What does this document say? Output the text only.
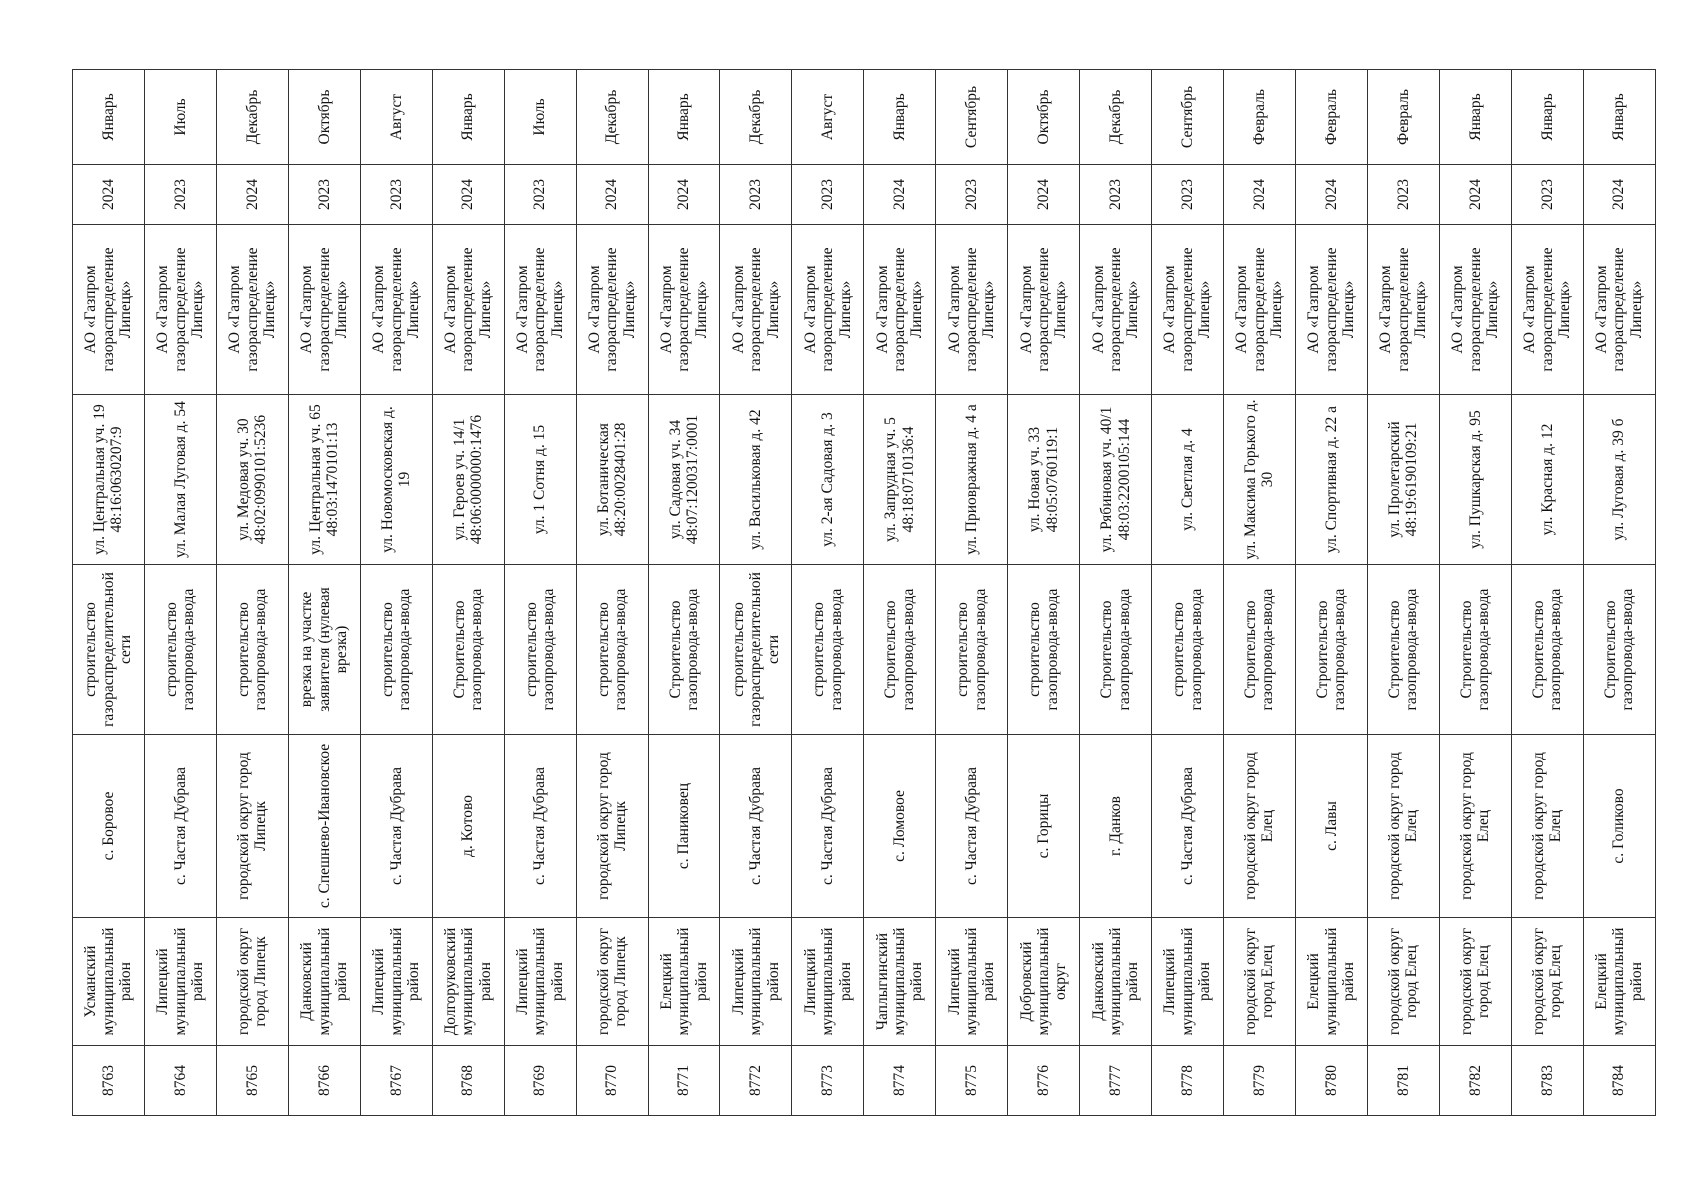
8763	Усманский муниципальный район	с. Боровое	строительство газораспределительной сети	ул. Центральная уч. 19 48:16:0630207:9	АО «Газпром газораспределение Липецк»	2024	Январь
8764	Липецкий муниципальный район	с. Частая Дубрава	строительство газопровода-ввода	ул. Малая Луговая д. 54	АО «Газпром газораспределение Липецк»	2023	Июль
8765	городской округ город Липецк	городской округ город Липецк	строительство газопровода-ввода	ул. Медовая уч. 30 48:02:0990101:5236	АО «Газпром газораспределение Липецк»	2024	Декабрь
8766	Данковский муниципальный район	с. Спешнево-Ивановское	врезка на участке заявителя (нулевая врезка)	ул. Центральная уч. 65 48:03:1470101:13	АО «Газпром газораспределение Липецк»	2023	Октябрь
8767	Липецкий муниципальный район	с. Частая Дубрава	строительство газопровода-ввода	ул. Новомосковская д. 19	АО «Газпром газораспределение Липецк»	2023	Август
8768	Долгоруковский муниципальный район	д. Котово	Строительство газопровода-ввода	ул. Героев уч. 14/1 48:06:0000000:1476	АО «Газпром газораспределение Липецк»	2024	Январь
8769	Липецкий муниципальный район	с. Частая Дубрава	строительство газопровода-ввода	ул. 1 Сотня д. 15	АО «Газпром газораспределение Липецк»	2023	Июль
8770	городской округ город Липецк	городской округ город Липецк	строительство газопровода-ввода	ул. Ботаническая 48:20:0028401:28	АО «Газпром газораспределение Липецк»	2024	Декабрь
8771	Елецкий муниципальный район	с. Паниковец	Строительство газопровода-ввода	ул. Садовая уч. 34 48:07:1200317:0001	АО «Газпром газораспределение Липецк»	2024	Январь
8772	Липецкий муниципальный район	с. Частая Дубрава	строительство газораспределительной сети	ул. Васильковая д. 42	АО «Газпром газораспределение Липецк»	2023	Декабрь
8773	Липецкий муниципальный район	с. Частая Дубрава	строительство газопровода-ввода	ул. 2-ая Садовая д. 3	АО «Газпром газораспределение Липецк»	2023	Август
8774	Чаплыгинский муниципальный район	с. Ломовое	Строительство газопровода-ввода	ул. Запрудная уч. 5 48:18:0710136:4	АО «Газпром газораспределение Липецк»	2024	Январь
8775	Липецкий муниципальный район	с. Частая Дубрава	строительство газопровода-ввода	ул. Приовражная д. 4 а	АО «Газпром газораспределение Липецк»	2023	Сентябрь
8776	Добровский муниципальный округ	с. Горицы	строительство газопровода-ввода	ул. Новая уч. 33 48:05:0760119:1	АО «Газпром газораспределение Липецк»	2024	Октябрь
8777	Данковский муниципальный район	г. Данков	Строительство газопровода-ввода	ул. Рябиновая уч. 40/1 48:03:2200105:144	АО «Газпром газораспределение Липецк»	2023	Декабрь
8778	Липецкий муниципальный район	с. Частая Дубрава	строительство газопровода-ввода	ул. Светлая д. 4	АО «Газпром газораспределение Липецк»	2023	Сентябрь
8779	городской округ город Елец	городской округ город Елец	Строительство газопровода-ввода	ул. Максима Горького д. 30	АО «Газпром газораспределение Липецк»	2024	Февраль
8780	Елецкий муниципальный район	с. Лавы	Строительство газопровода-ввода	ул. Спортивная д. 22 а	АО «Газпром газораспределение Липецк»	2024	Февраль
8781	городской округ город Елец	городской округ город Елец	Строительство газопровода-ввода	ул. Пролетарский 48:19:6190109:21	АО «Газпром газораспределение Липецк»	2023	Февраль
8782	городской округ город Елец	городской округ город Елец	Строительство газопровода-ввода	ул. Пушкарская д. 95	АО «Газпром газораспределение Липецк»	2024	Январь
8783	городской округ город Елец	городской округ город Елец	Строительство газопровода-ввода	ул. Красная д. 12	АО «Газпром газораспределение Липецк»	2023	Январь
8784	Елецкий муниципальный район	с. Голиково	Строительство газопровода-ввода	ул. Луговая д. 39 б	АО «Газпром газораспределение Липецк»	2024	Январь
